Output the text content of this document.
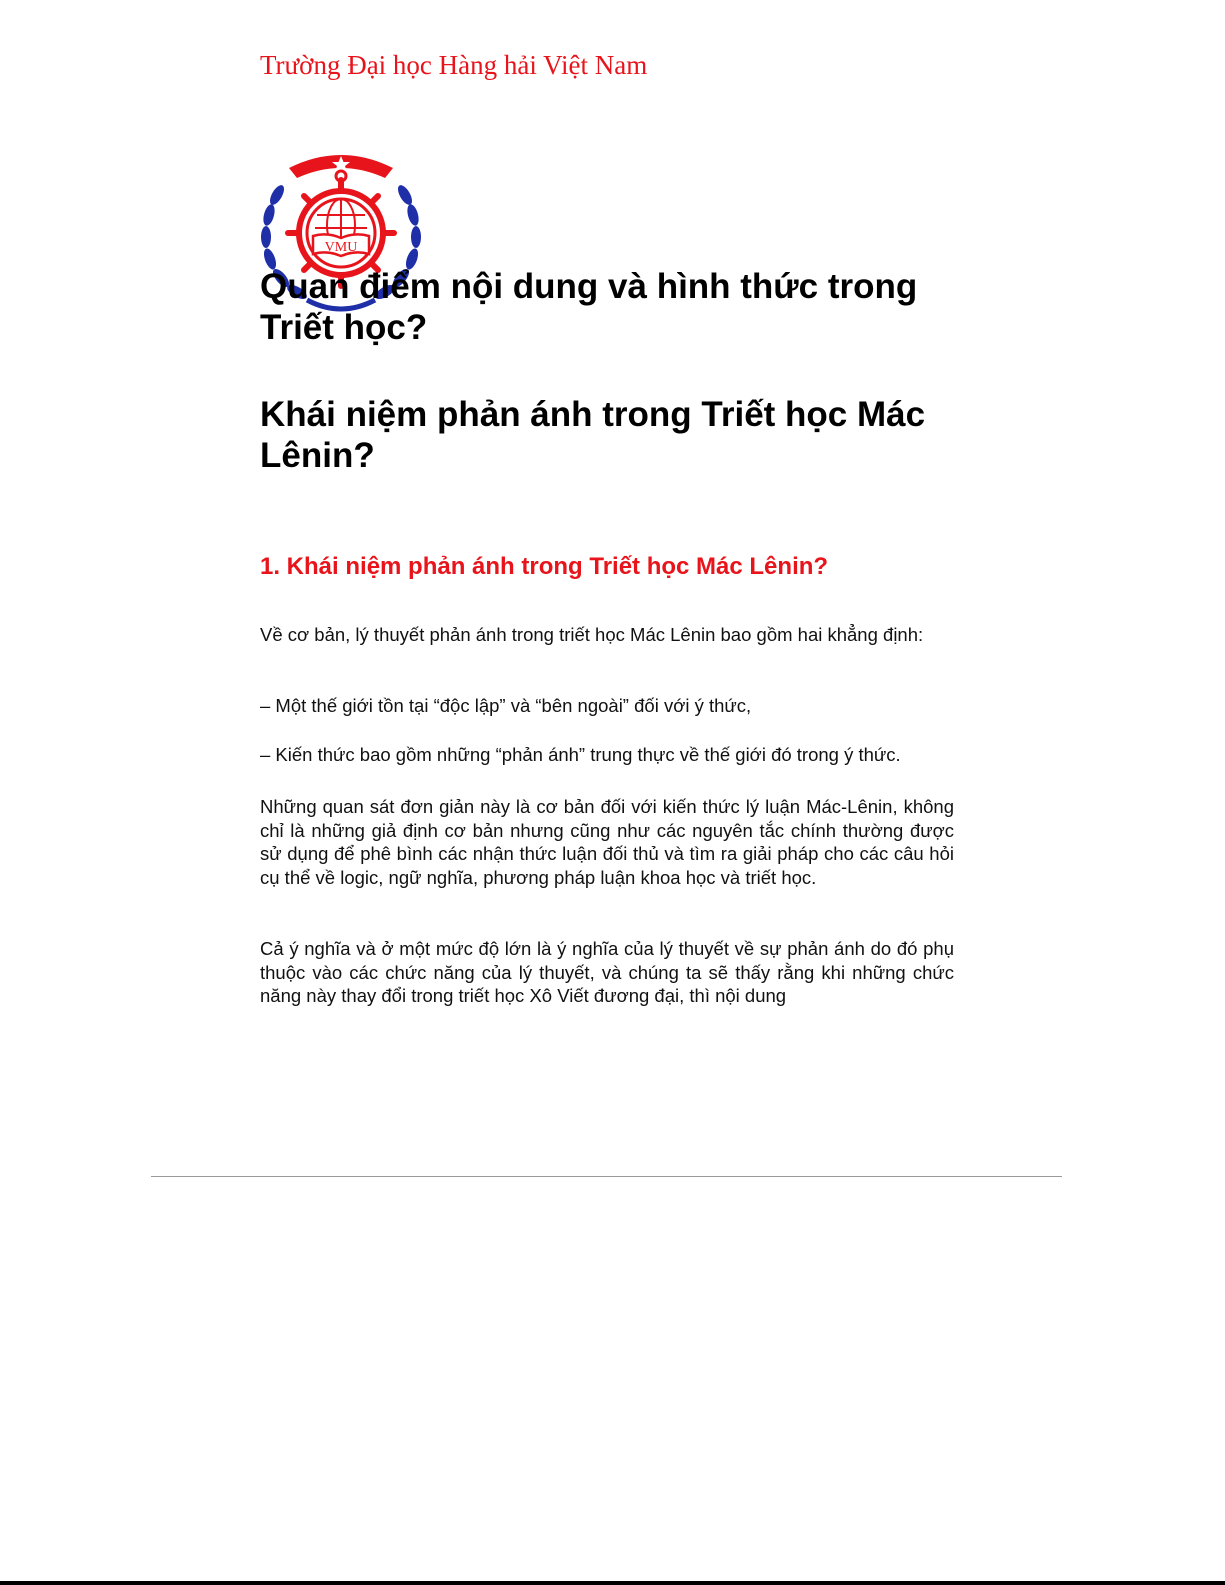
Trường Đại học Hàng hải Việt Nam
VMU
Quan điểm nội dung và hình thức trong Triết học?
Khái niệm phản ánh trong Triết học Mác Lênin?
1. Khái niệm phản ánh trong Triết học Mác Lênin?

Về cơ bản, lý thuyết phản ánh trong triết học Mác Lênin bao gồm hai khẳng định:

– Một thế giới tồn tại “độc lập” và “bên ngoài” đối với ý thức,

– Kiến thức bao gồm những “phản ánh” trung thực về thế giới đó trong ý thức.

Những quan sát đơn giản này là cơ bản đối với kiến thức lý luận Mác-Lênin, không chỉ là những giả định cơ bản nhưng cũng như các nguyên tắc chính thường được sử dụng để phê bình các nhận thức luận đối thủ và tìm ra giải pháp cho các câu hỏi cụ thể về logic, ngữ nghĩa, phương pháp luận khoa học và triết học.

Cả ý nghĩa và ở một mức độ lớn là ý nghĩa của lý thuyết về sự phản ánh do đó phụ thuộc vào các chức năng của lý thuyết, và chúng ta sẽ thấy rằng khi những chức năng này thay đổi trong triết học Xô Viết đương đại, thì nội dung
